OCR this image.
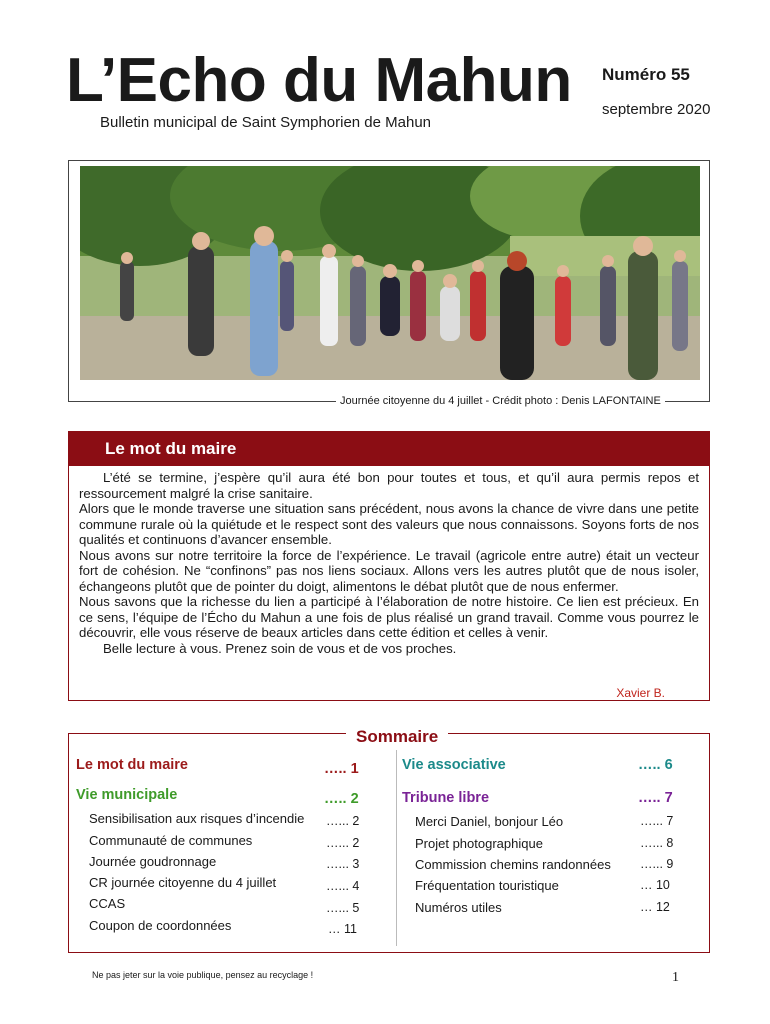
L’Echo du Mahun
Bulletin municipal de Saint Symphorien de Mahun
Numéro 55
septembre 2020
Journée citoyenne du 4 juillet - Crédit photo : Denis LAFONTAINE
Le mot du maire

L’été se termine, j’espère qu’il aura été bon pour toutes et tous, et qu’il aura permis repos et ressourcement malgré la crise sanitaire.

Alors que le monde traverse une situation sans précédent, nous avons la chance de vivre dans une petite commune rurale où la quiétude et le respect sont des valeurs que nous connaissons. Soyons forts de nos qualités et continuons d’avancer ensemble.

Nous avons sur notre territoire la force de l’expérience. Le travail (agricole entre autre) était un vecteur fort de cohésion. Ne “confinons” pas nos liens sociaux. Allons vers les autres plutôt que de nous isoler, échangeons plutôt que de pointer du doigt, alimentons le débat plutôt que de nous enfermer.

Nous savons que la richesse du lien a participé à l’élaboration de notre histoire. Ce lien est précieux. En ce sens, l’équipe de l’Écho du Mahun a une fois de plus réalisé un grand travail. Comme vous pourrez le découvrir, elle vous réserve de beaux articles dans cette édition et celles à venir.

Belle lecture à vous. Prenez soin de vous et de vos proches.

Xavier B.
Sommaire
Le mot du maire	….. 1
Vie municipale	….. 2
Sensibilisation aux risques d’incendie …... 2
Communauté de communes	…... 2
Journée goudronnage	…... 3
CR journée citoyenne du 4 juillet	…... 4
CCAS	…... 5
Coupon de coordonnées	… 11
Vie associative	….. 6
Tribune libre	….. 7
Merci Daniel, bonjour Léo	…... 7
Projet photographique	…... 8
Commission chemins randonnées …... 9
Fréquentation touristique	… 10
Numéros utiles	… 12
Ne pas jeter sur la voie publique, pensez au recyclage !	1
